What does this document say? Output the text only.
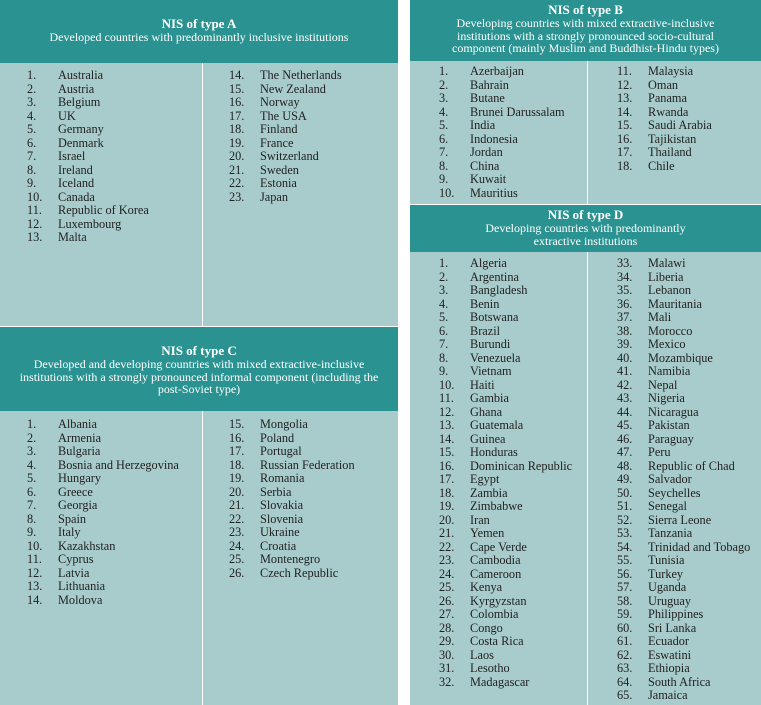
NIS of type A
Developed countries with predominantly inclusive institutions
1.	Australia
2.	Austria
3.	Belgium
4.	UK
5.	Germany
6.	Denmark
7.	Israel
8.	Ireland
9.	Iceland
10.	Canada
11.	Republic of Korea
12.	Luxembourg
13.	Malta
14.	The Netherlands
15.	New Zealand
16.	Norway
17.	The USA
18.	Finland
19.	France
20.	Switzerland
21.	Sweden
22.	Estonia
23.	Japan
NIS of type C
Developed and developing countries with mixed extractive-inclusive institutions with a strongly pronounced informal component (including the post-Soviet type)
1.	Albania
2.	Armenia
3.	Bulgaria
4.	Bosnia and Herzegovina
5.	Hungary
6.	Greece
7.	Georgia
8.	Spain
9.	Italy
10.	Kazakhstan
11.	Cyprus
12.	Latvia
13.	Lithuania
14.	Moldova
15.	Mongolia
16.	Poland
17.	Portugal
18.	Russian Federation
19.	Romania
20.	Serbia
21.	Slovakia
22.	Slovenia
23.	Ukraine
24.	Croatia
25.	Montenegro
26.	Czech Republic
NIS of type B
Developing countries with mixed extractive-inclusive institutions with a strongly pronounced socio-cultural component (mainly Muslim and Buddhist-Hindu types)
1.	Azerbaijan
2.	Bahrain
3.	Butane
4.	Brunei Darussalam
5.	India
6.	Indonesia
7.	Jordan
8.	China
9.	Kuwait
10.	Mauritius
11.	Malaysia
12.	Oman
13.	Panama
14.	Rwanda
15.	Saudi Arabia
16.	Tajikistan
17.	Thailand
18.	Chile
NIS of type D
Developing countries with predominantly extractive institutions
1.	Algeria
2.	Argentina
3.	Bangladesh
4.	Benin
5.	Botswana
6.	Brazil
7.	Burundi
8.	Venezuela
9.	Vietnam
10.	Haiti
11.	Gambia
12.	Ghana
13.	Guatemala
14.	Guinea
15.	Honduras
16.	Dominican Republic
17.	Egypt
18.	Zambia
19.	Zimbabwe
20.	Iran
21.	Yemen
22.	Cape Verde
23.	Cambodia
24.	Cameroon
25.	Kenya
26.	Kyrgyzstan
27.	Colombia
28.	Congo
29.	Costa Rica
30.	Laos
31.	Lesotho
32.	Madagascar
33.	Malawi
34.	Liberia
35.	Lebanon
36.	Mauritania
37.	Mali
38.	Morocco
39.	Mexico
40.	Mozambique
41.	Namibia
42.	Nepal
43.	Nigeria
44.	Nicaragua
45.	Pakistan
46.	Paraguay
47.	Peru
48.	Republic of Chad
49.	Salvador
50.	Seychelles
51.	Senegal
52.	Sierra Leone
53.	Tanzania
54.	Trinidad and Tobago
55.	Tunisia
56.	Turkey
57.	Uganda
58.	Uruguay
59.	Philippines
60.	Sri Lanka
61.	Ecuador
62.	Eswatini
63.	Ethiopia
64.	South Africa
65.	Jamaica
